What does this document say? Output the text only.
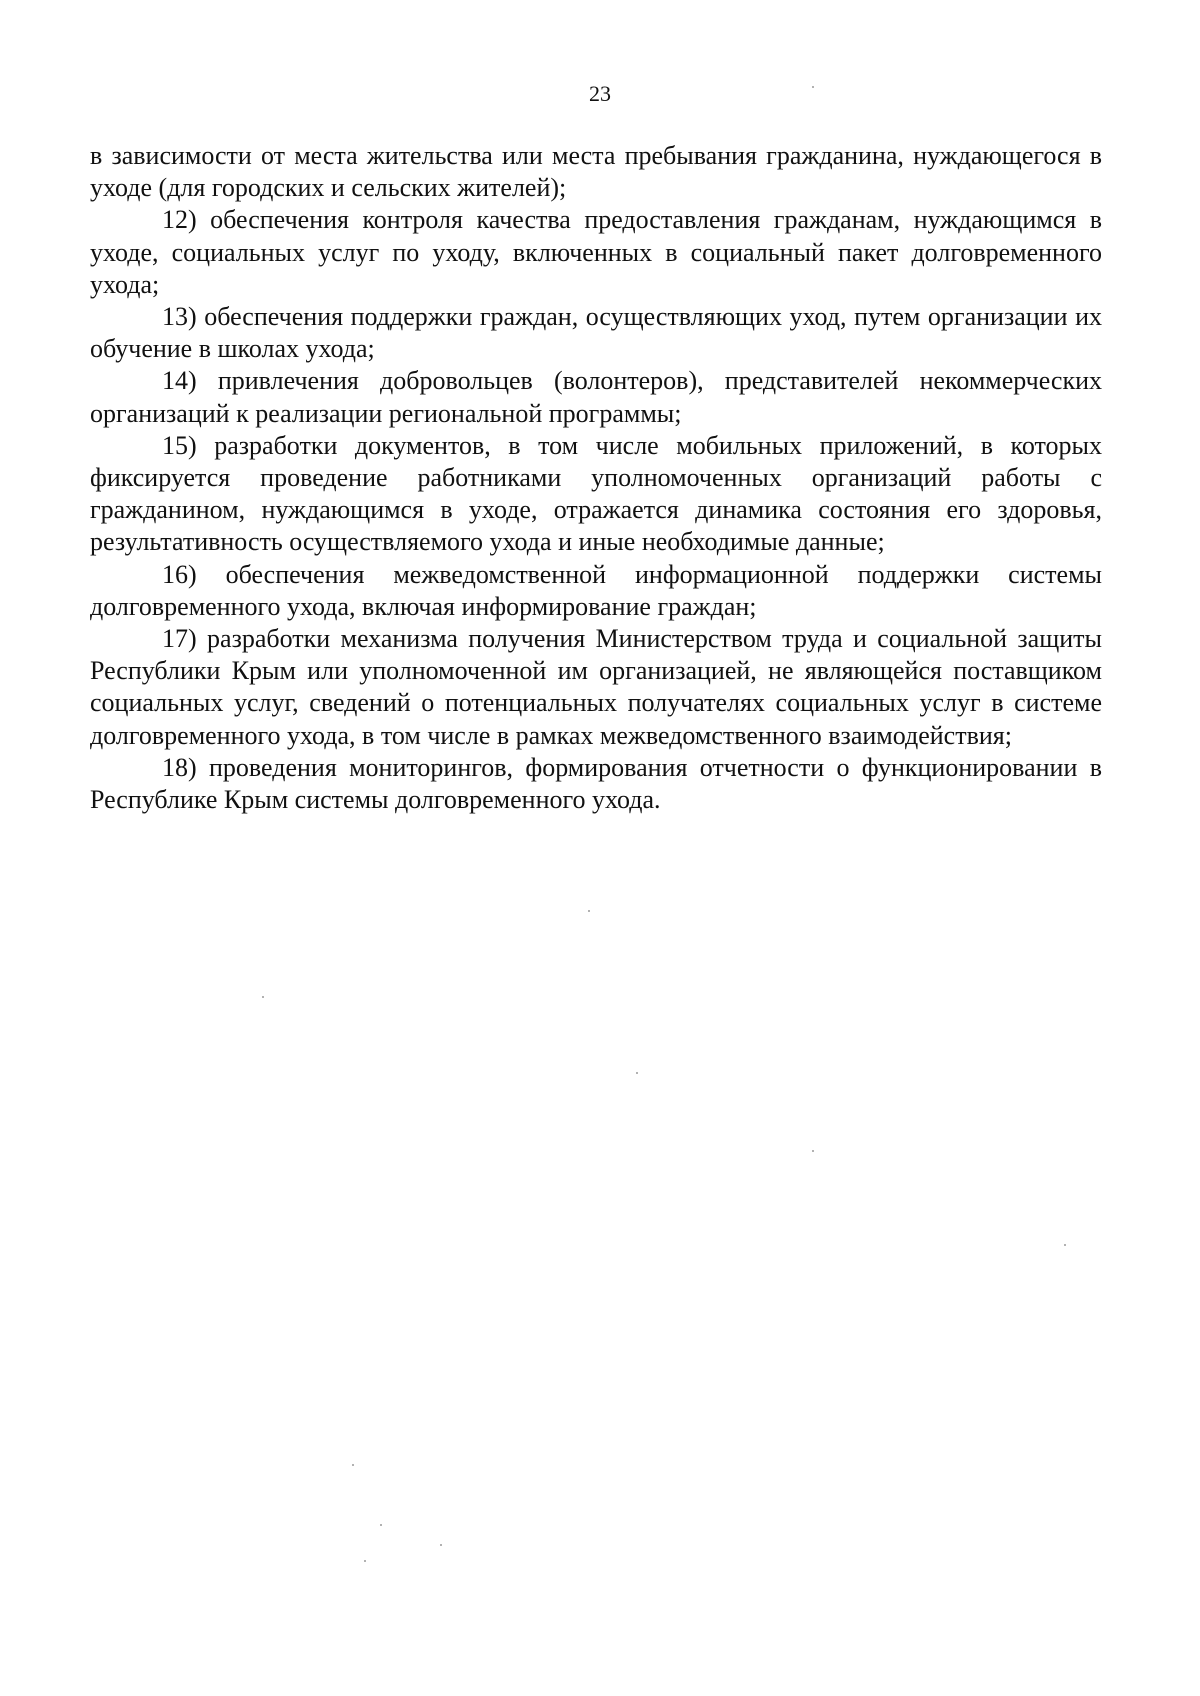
23

в зависимости от места жительства или места пребывания гражданина, нуждающегося в уходе (для городских и сельских жителей);

12) обеспечения контроля качества предоставления гражданам, нуждающимся в уходе, социальных услуг по уходу, включенных в социальный пакет долговременного ухода;

13) обеспечения поддержки граждан, осуществляющих уход, путем организации их обучение в школах ухода;

14) привлечения добровольцев (волонтеров), представителей некоммерческих организаций к реализации региональной программы;

15) разработки документов, в том числе мобильных приложений, в которых фиксируется проведение работниками уполномоченных организаций работы с гражданином, нуждающимся в уходе, отражается динамика состояния его здоровья, результативность осуществляемого ухода и иные необходимые данные;

16) обеспечения межведомственной информационной поддержки системы долговременного ухода, включая информирование граждан;

17) разработки механизма получения Министерством труда и социальной защиты Республики Крым или уполномоченной им организацией, не являющейся поставщиком социальных услуг, сведений о потенциальных получателях социальных услуг в системе долговременного ухода, в том числе в рамках межведомственного взаимодействия;

18) проведения мониторингов, формирования отчетности о функционировании в Республике Крым системы долговременного ухода.
